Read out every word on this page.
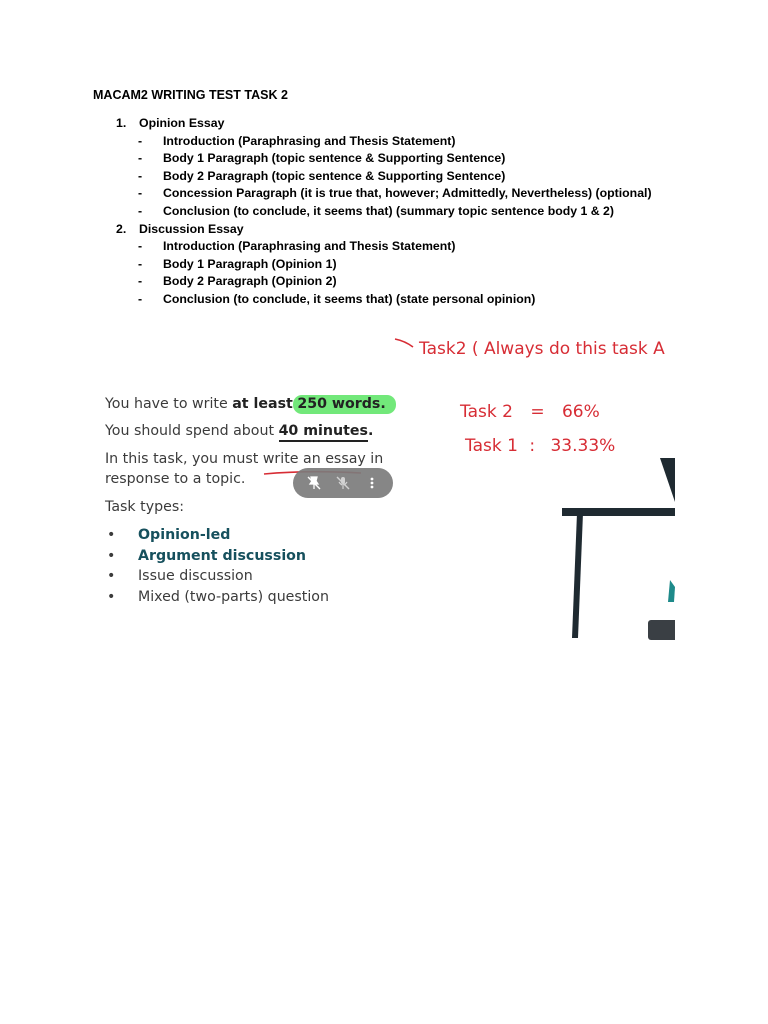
MACAM2 WRITING TEST TASK 2
1. Opinion Essay
- Introduction (Paraphrasing and Thesis Statement)
- Body 1 Paragraph (topic sentence & Supporting Sentence)
- Body 2 Paragraph (topic sentence & Supporting Sentence)
- Concession Paragraph (it is true that, however; Admittedly, Nevertheless) (optional)
- Conclusion (to conclude, it seems that) (summary topic sentence body 1 & 2)
2. Discussion Essay
- Introduction (Paraphrasing and Thesis Statement)
- Body 1 Paragraph (Opinion 1)
- Body 2 Paragraph (Opinion 2)
- Conclusion (to conclude, it seems that) (state personal opinion)
Task2 ( Always do this task A
You have to write at least 250 words.
You should spend about 40 minutes.
In this task, you must write an essay in
response to a topic.
Task types:
• Opinion-led
• Argument discussion
• Issue discussion
• Mixed (two-parts) question
Task 2 = 66%
Task 1 : 33.33%
